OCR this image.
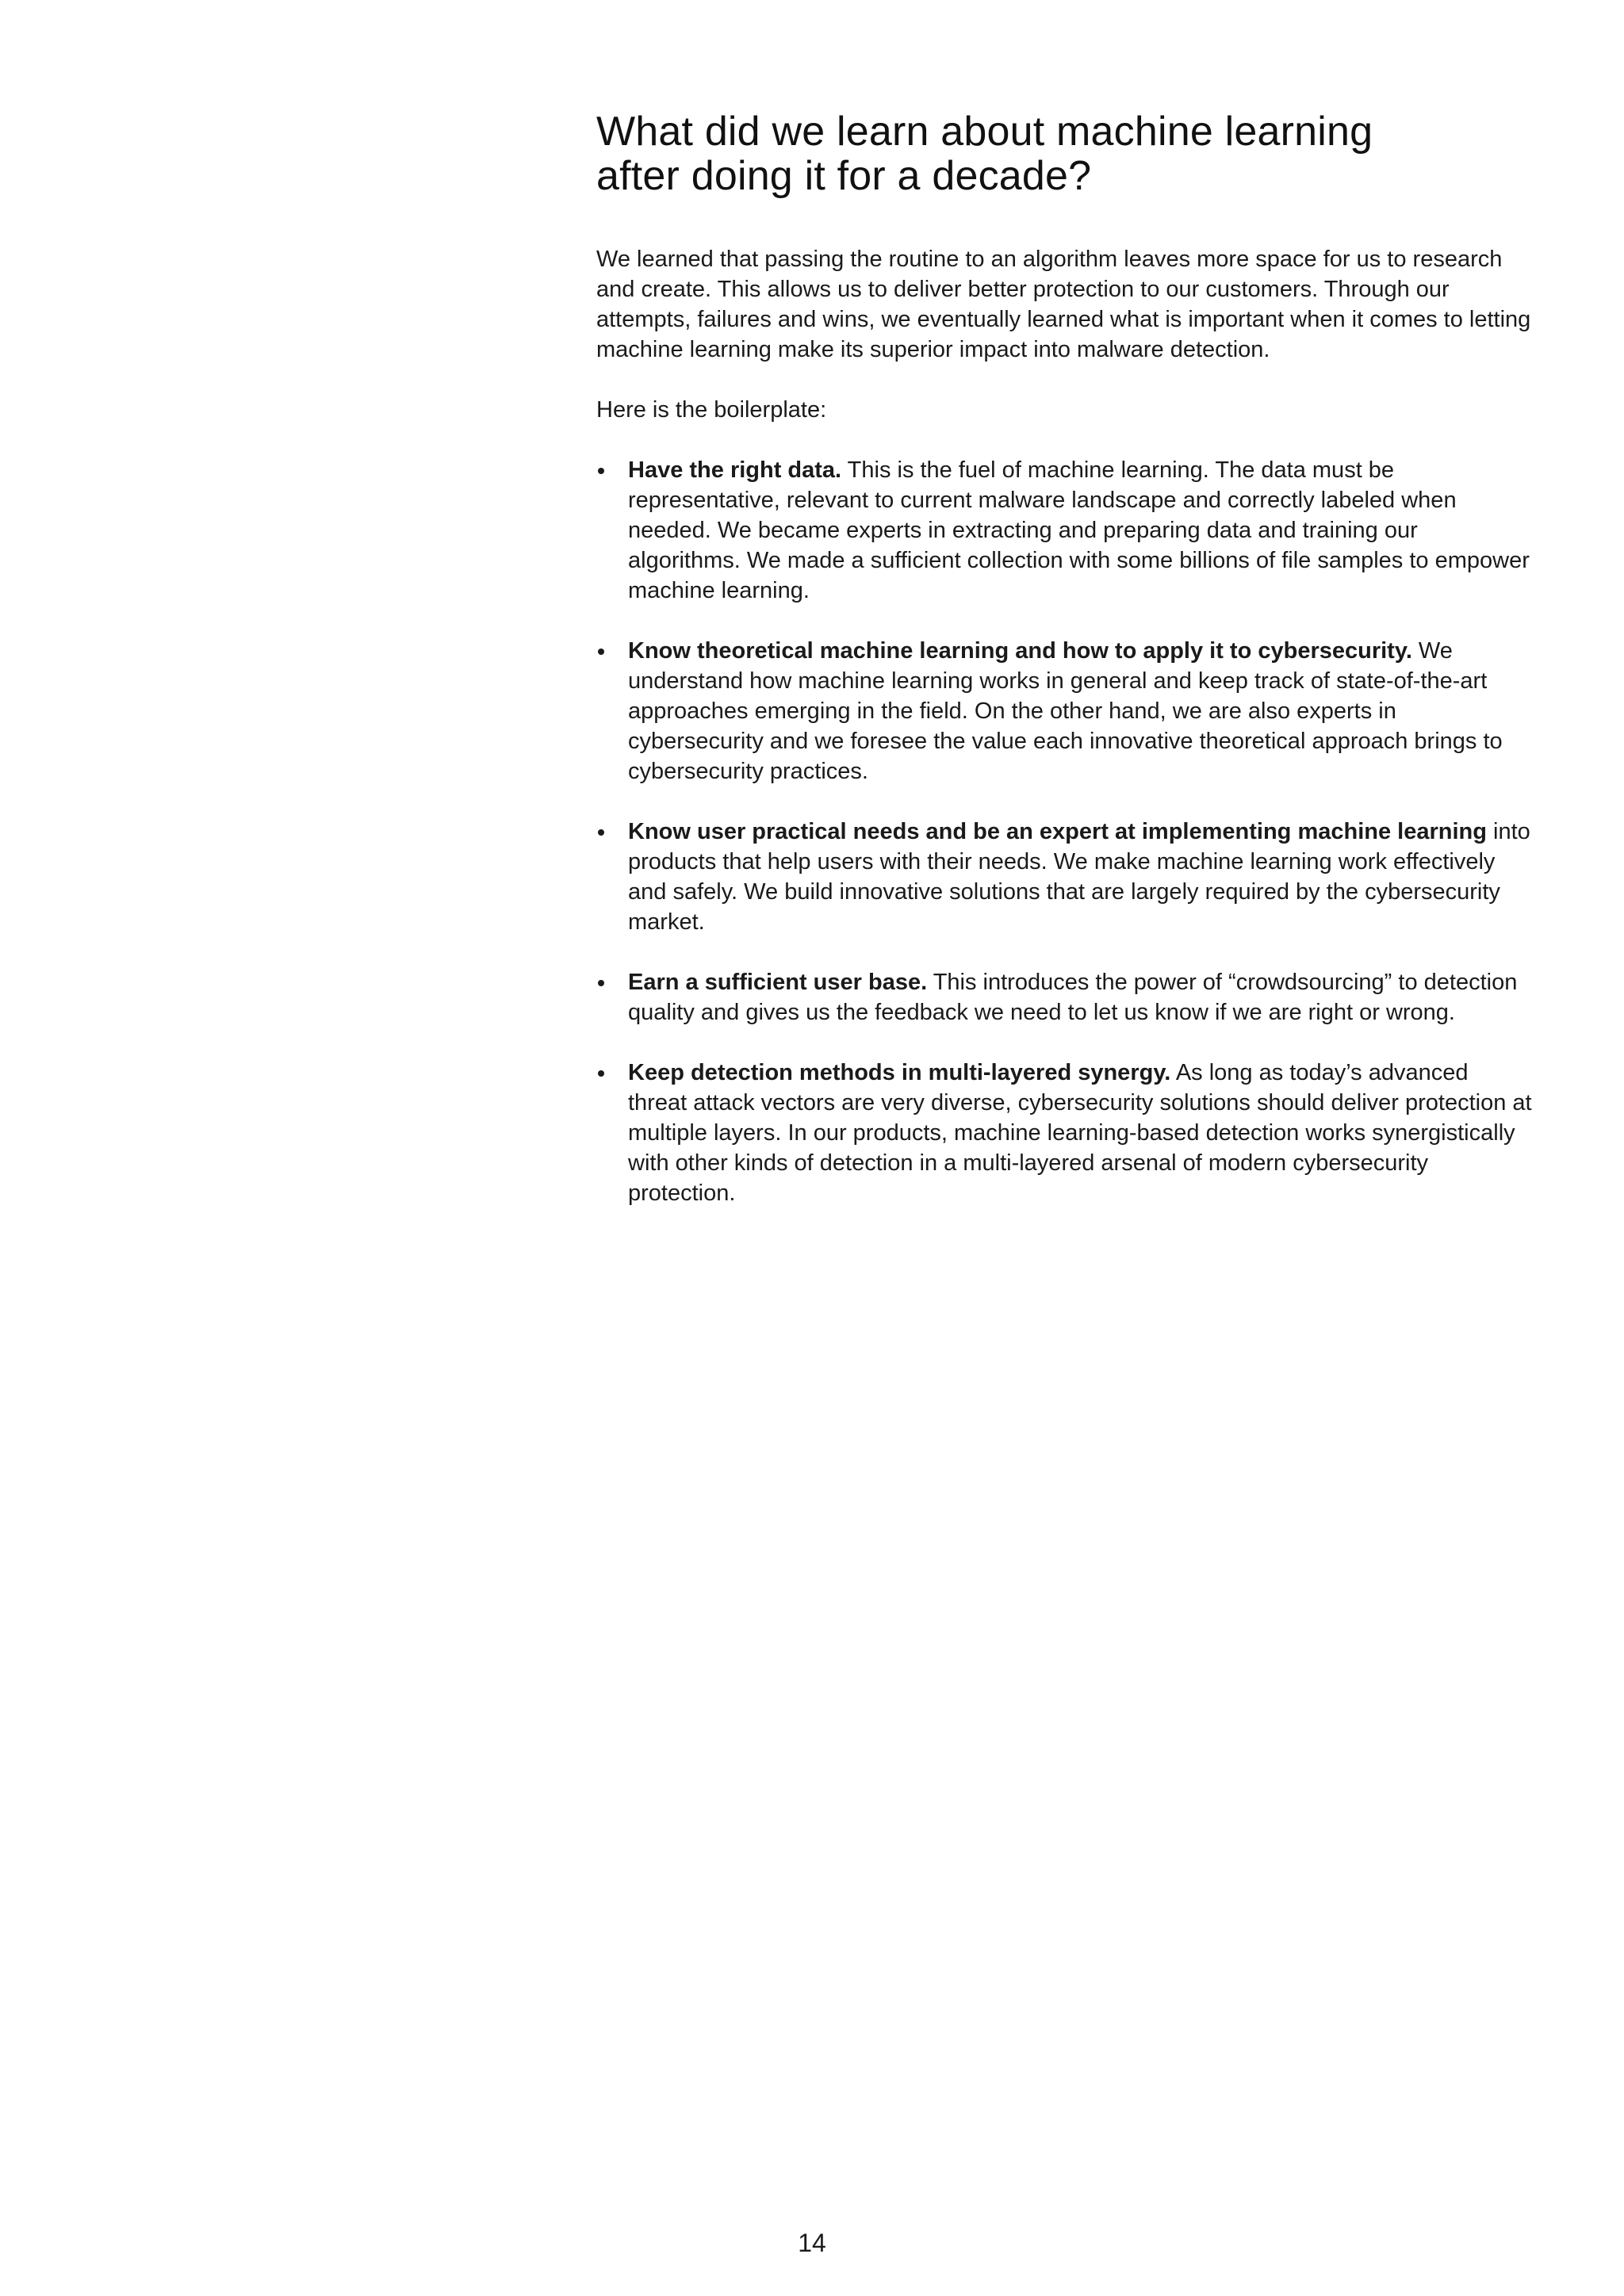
What did we learn about machine learning
after doing it for a decade?

We learned that passing the routine to an algorithm leaves more space for us to research and create. This allows us to deliver better protection to our customers. Through our attempts, failures and wins, we eventually learned what is important when it comes to letting machine learning make its superior impact into malware detection.

Here is the boilerplate:

Have the right data. This is the fuel of machine learning. The data must be representative, relevant to current malware landscape and correctly labeled when needed. We became experts in extracting and preparing data and training our algorithms. We made a sufficient collection with some billions of file samples to empower machine learning.
Know theoretical machine learning and how to apply it to cybersecurity. We understand how machine learning works in general and keep track of state-of-the-art approaches emerging in the field. On the other hand, we are also experts in cybersecurity and we foresee the value each innovative theoretical approach brings to cybersecurity practices.
Know user practical needs and be an expert at implementing machine learning into products that help users with their needs. We make machine learning work effectively and safely. We build innovative solutions that are largely required by the cybersecurity market.
Earn a sufficient user base. This introduces the power of “crowdsourcing” to detection quality and gives us the feedback we need to let us know if we are right or wrong.
Keep detection methods in multi-layered synergy. As long as today’s advanced threat attack vectors are very diverse, cybersecurity solutions should deliver protection at multiple layers. In our products, machine learning-based detection works synergistically with other kinds of detection in a multi-layered arsenal of modern cybersecurity protection.
14
